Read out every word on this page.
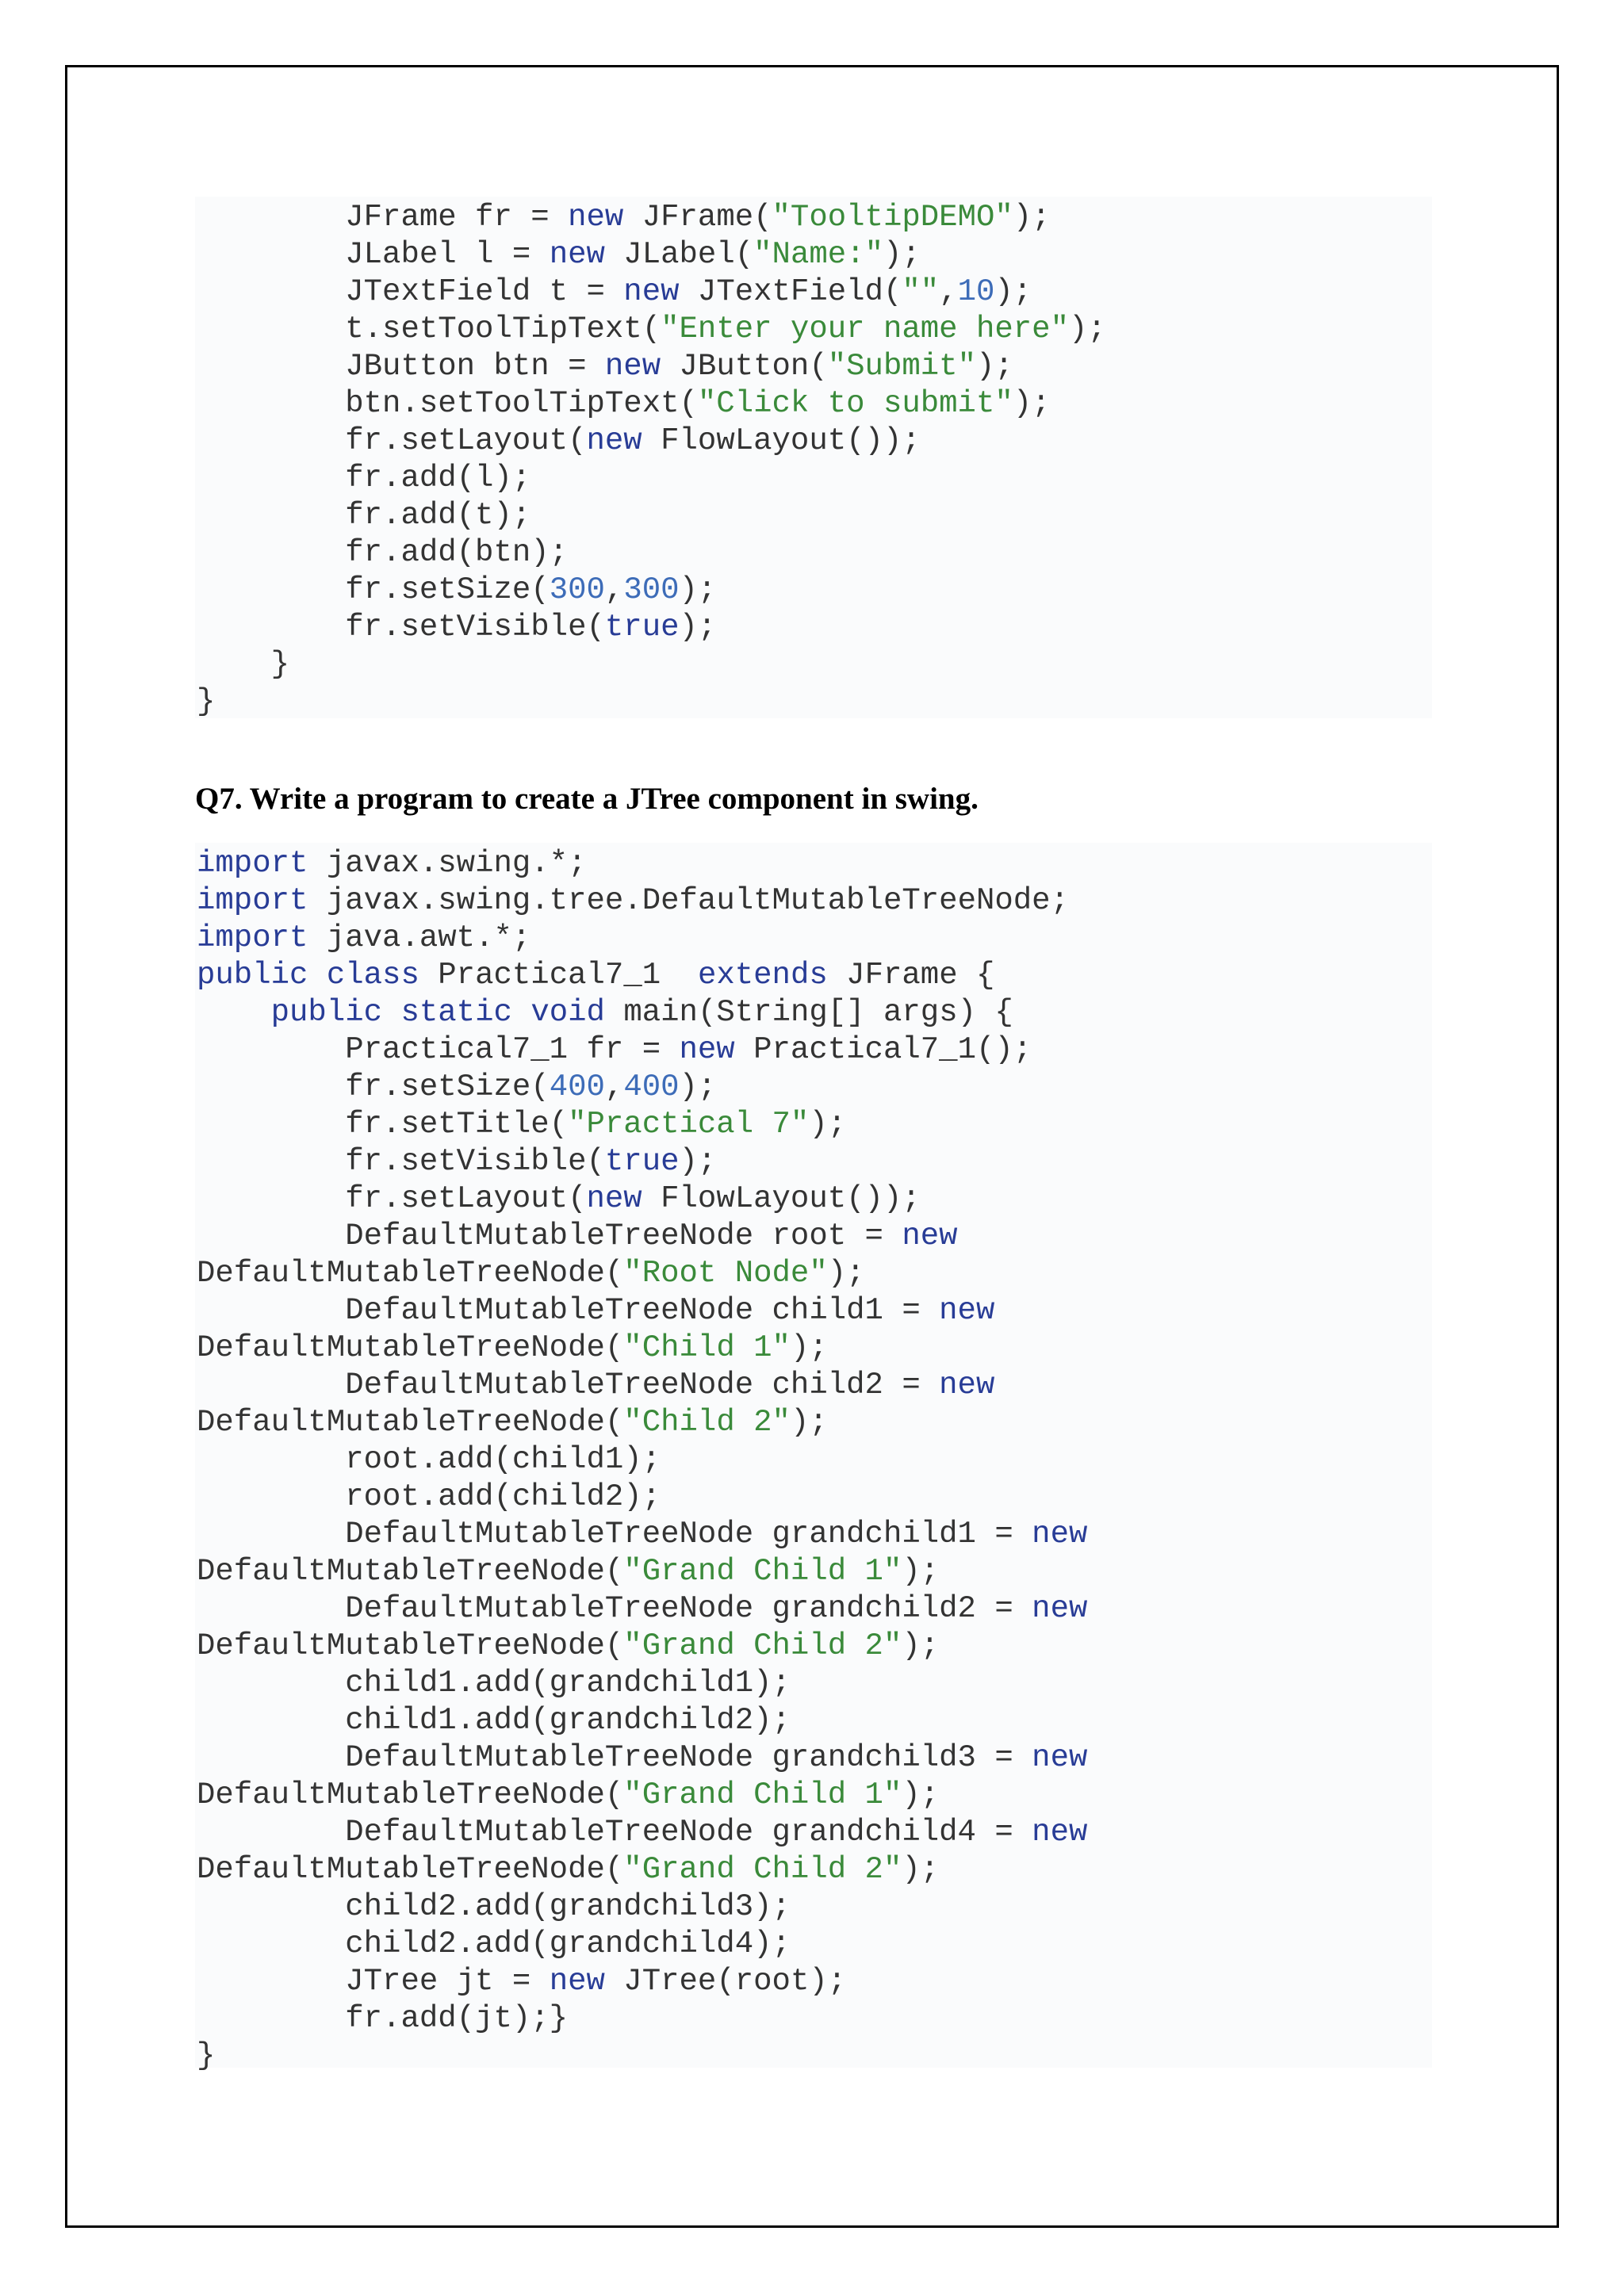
JFrame fr = new JFrame("TooltipDEMO");
JLabel l = new JLabel("Name:");
JTextField t = new JTextField("",10);
t.setToolTipText("Enter your name here");
JButton btn = new JButton("Submit");
btn.setToolTipText("Click to submit");
fr.setLayout(new FlowLayout());
fr.add(l);
fr.add(t);
fr.add(btn);
fr.setSize(300,300);
fr.setVisible(true);
}
}
Q7. Write a program to create a JTree component in swing.
import javax.swing.*;
import javax.swing.tree.DefaultMutableTreeNode;
import java.awt.*;
public class Practical7_1  extends JFrame {
public static void main(String[] args) {
Practical7_1 fr = new Practical7_1();
fr.setSize(400,400);
fr.setTitle("Practical 7");
fr.setVisible(true);
fr.setLayout(new FlowLayout());
DefaultMutableTreeNode root = new
DefaultMutableTreeNode("Root Node");
DefaultMutableTreeNode child1 = new
DefaultMutableTreeNode("Child 1");
DefaultMutableTreeNode child2 = new
DefaultMutableTreeNode("Child 2");
root.add(child1);
root.add(child2);
DefaultMutableTreeNode grandchild1 = new
DefaultMutableTreeNode("Grand Child 1");
DefaultMutableTreeNode grandchild2 = new
DefaultMutableTreeNode("Grand Child 2");
child1.add(grandchild1);
child1.add(grandchild2);
DefaultMutableTreeNode grandchild3 = new
DefaultMutableTreeNode("Grand Child 1");
DefaultMutableTreeNode grandchild4 = new
DefaultMutableTreeNode("Grand Child 2");
child2.add(grandchild3);
child2.add(grandchild4);
JTree jt = new JTree(root);
fr.add(jt);}
}
